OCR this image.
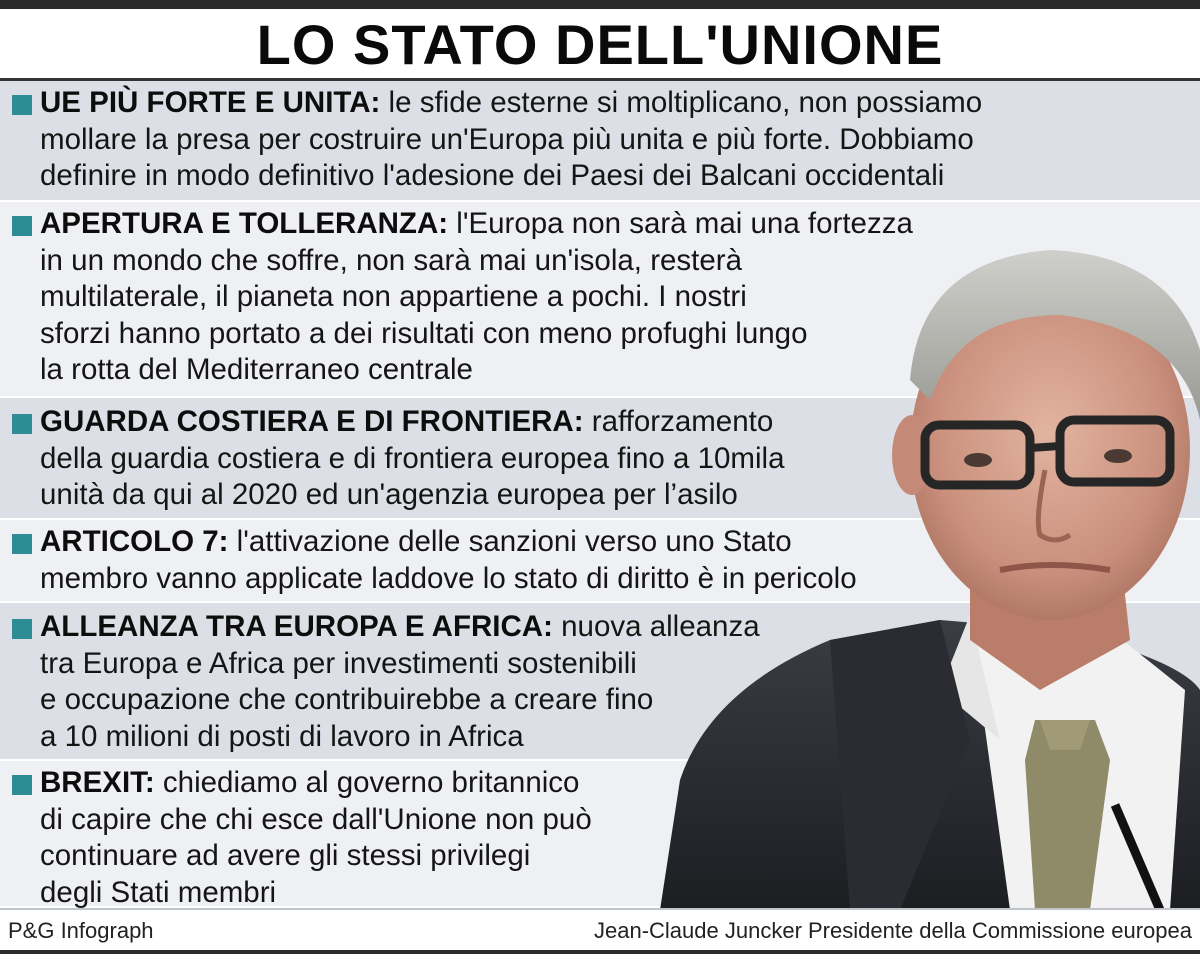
LO STATO DELL'UNIONE
UE PIÙ FORTE E UNITA: le sfide esterne si moltiplicano, non possiamo
mollare la presa per costruire un'Europa più unita e più forte. Dobbiamo
definire in modo definitivo l'adesione dei Paesi dei Balcani occidentali
APERTURA E TOLLERANZA: l'Europa non sarà mai una fortezza
in un mondo che soffre, non sarà mai un'isola, resterà
multilaterale, il pianeta non appartiene a pochi. I nostri
sforzi hanno portato a dei risultati con meno profughi lungo
la rotta del Mediterraneo centrale
GUARDA COSTIERA E DI FRONTIERA: rafforzamento
della guardia costiera e di frontiera europea fino a 10mila
unità da qui al 2020 ed un'agenzia europea per l’asilo
ARTICOLO 7: l'attivazione delle sanzioni verso uno Stato
membro vanno applicate laddove lo stato di diritto è in pericolo
ALLEANZA TRA EUROPA E AFRICA: nuova alleanza
tra Europa e Africa per investimenti sostenibili
e occupazione che contribuirebbe a creare fino
a 10 milioni di posti di lavoro in Africa
BREXIT: chiediamo al governo britannico
di capire che chi esce dall'Unione non può
continuare ad avere gli stessi privilegi
degli Stati membri
P&G Infograph	Jean-Claude Juncker Presidente della Commissione europea
